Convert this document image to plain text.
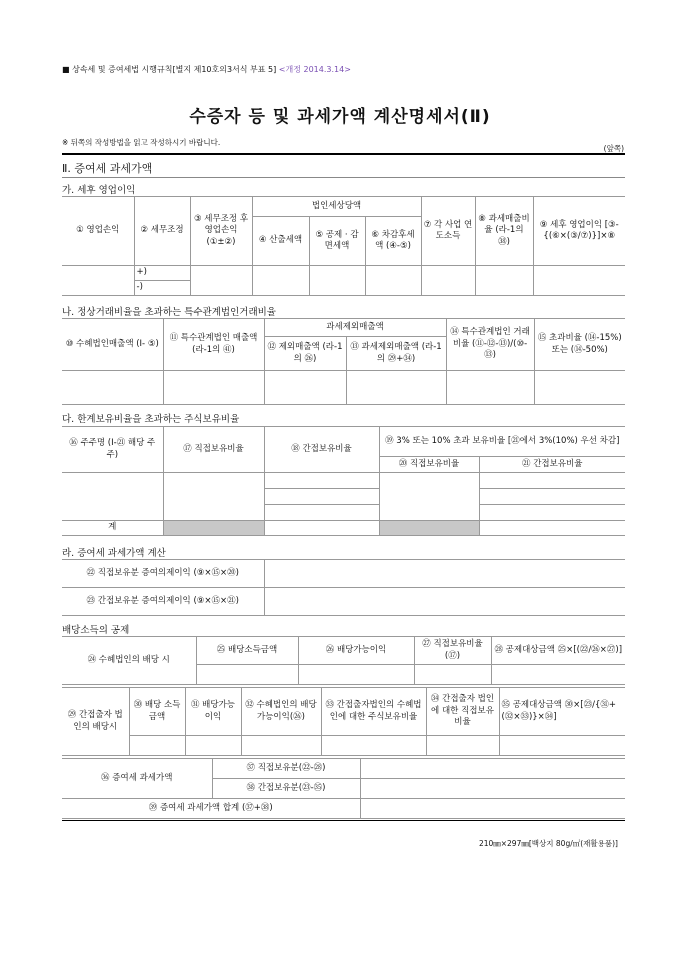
■ 상속세 및 증여세법 시행규칙[별지 제10호의3서식 부표 5] <개정 2014.3.14>
수증자 등 및 과세가액 계산명세서(Ⅱ)
※ 뒤쪽의 작성방법을 읽고 작성하시기 바랍니다.
(앞쪽)
Ⅱ. 증여세 과세가액
가. 세후 영업이익
① 영업손익	② 세무조정	③ 세무조정 후 영업손익 (①±②)	법인세상당액			⑦ 각 사업 연도소득	⑧ 과세매출비율 (라-1의 ㊳)	⑨ 세후 영업이익 [③-{(⑥×(③/⑦)}]×⑧
			④ 산출세액	⑤ 공제 · 감면세액	⑥ 차감후세액 (④-⑤)			
	+)							
	-)							
나. 정상거래비율을 초과하는 특수관계법인거래비율
⑩ 수혜법인매출액 (Ⅰ- ⑤)	⑪ 특수관계법인 매출액 (라-1의 ㊶)	과세제외매출액		⑭ 특수관계법인 거래비율 (⑪-⑫-⑬)/(⑩-⑬)	⑮ 초과비율 (⑭-15%) 또는 (⑭-50%)
		⑫ 제외매출액 (라-1의 ㉖)	⑬ 과세제외매출액 (라-1의 ㉙+㉞)		

다. 한계보유비율을 초과하는 주식보유비율
⑯ 주주명 (Ⅰ-㉑ 해당 주주)	⑰ 직접보유비율	⑱ 간접보유비율	⑲ 3% 또는 10% 초과 보유비율 [㉑에서 3%(10%) 우선 차감]	
			⑳ 직접보유비율	㉑ 간접보유비율

계				
라. 증여세 과세가액 계산
㉒ 직접보유분 증여의제이익 (⑨×⑮×⑳)	
㉓ 간접보유분 증여의제이익 (⑨×⑮×㉑)	
배당소득의 공제
㉔ 수혜법인의 배당 시	㉕ 배당소득금액	㉖ 배당가능이익	㉗ 직접보유비율(⑰)	㉘ 공제대상금액 ㉕×[(㉒/㉖×㉗)]

㉙ 간접출자 법인의 배당시	㉚ 배당 소득금액	㉛ 배당가능이익	㉜ 수혜법인의 배당가능이익(㉖)	㉝ 간접출자법인의 수혜법인에 대한 주식보유비율	㉞ 간접출자 법인에 대한 직접보유비율	㉟ 공제대상금액 ㉚×[㉓/{㉛+(㉜×㉝)}×㉞]

㊱ 증여세 과세가액	㊲ 직접보유분(㉒-㉘)	
	㊳ 간접보유분(㉓-㉟)	
㊴ 증여세 과세가액 합계 (㊲+㊳)		
210㎜×297㎜[백상지 80g/㎡(재활용품)]
